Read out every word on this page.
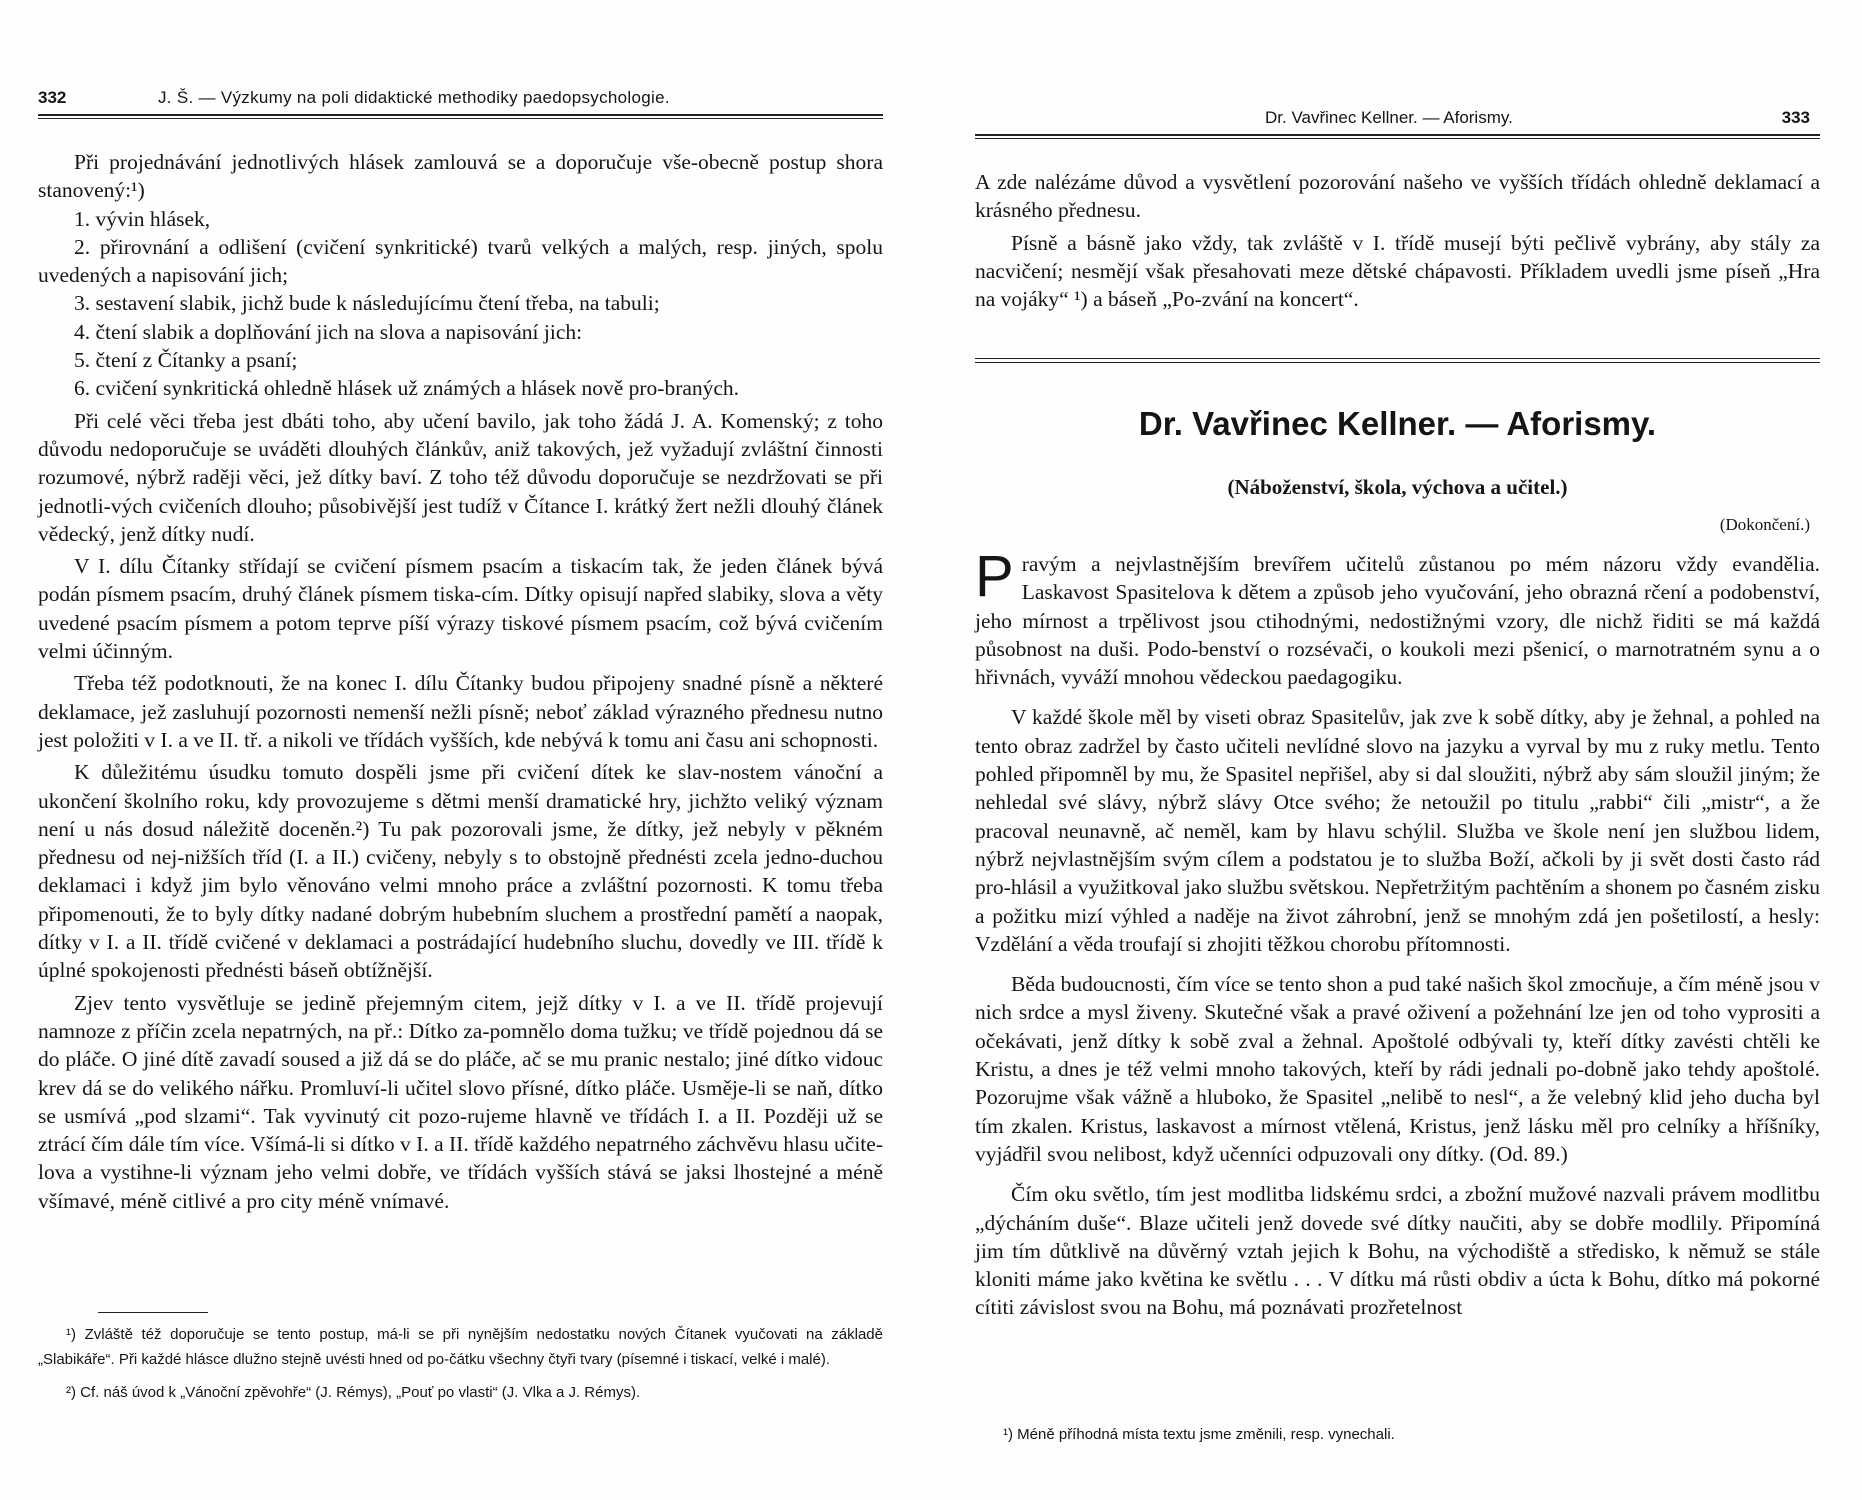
332	J. Š. — Výzkumy na poli didaktické methodiky paedopsychologie.

Při projednávání jednotlivých hlásek zamlouvá se a doporučuje vše-obecně postup shora stanovený:¹)

1. vývin hlásek,

2. přirovnání a odlišení (cvičení synkritické) tvarů velkých a malých, resp. jiných, spolu uvedených a napisování jich;

3. sestavení slabik, jichž bude k následujícímu čtení třeba, na tabuli;

4. čtení slabik a doplňování jich na slova a napisování jich:

5. čtení z Čítanky a psaní;

6. cvičení synkritická ohledně hlásek už známých a hlásek nově pro-braných.

Při celé věci třeba jest dbáti toho, aby učení bavilo, jak toho žádá J. A. Komenský; z toho důvodu nedoporučuje se uváděti dlouhých článkův, aniž takových, jež vyžadují zvláštní činnosti rozumové, nýbrž raději věci, jež dítky baví. Z toho též důvodu doporučuje se nezdržovati se při jednotli-vých cvičeních dlouho; působivější jest tudíž v Čítance I. krátký žert nežli dlouhý článek vědecký, jenž dítky nudí.

V I. dílu Čítanky střídají se cvičení písmem psacím a tiskacím tak, že jeden článek bývá podán písmem psacím, druhý článek písmem tiska-cím. Dítky opisují napřed slabiky, slova a věty uvedené psacím písmem a potom teprve píší výrazy tiskové písmem psacím, což bývá cvičením velmi účinným.

Třeba též podotknouti, že na konec I. dílu Čítanky budou připojeny snadné písně a některé deklamace, jež zasluhují pozornosti nemenší nežli písně; neboť základ výrazného přednesu nutno jest položiti v I. a ve II. tř. a nikoli ve třídách vyšších, kde nebývá k tomu ani času ani schopnosti.

K důležitému úsudku tomuto dospěli jsme při cvičení dítek ke slav-nostem vánoční a ukončení školního roku, kdy provozujeme s dětmi menší dramatické hry, jichžto veliký význam není u nás dosud náležitě doceněn.²) Tu pak pozorovali jsme, že dítky, jež nebyly v pěkném přednesu od nej-nižších tříd (I. a II.) cvičeny, nebyly s to obstojně přednésti zcela jedno-duchou deklamaci i když jim bylo věnováno velmi mnoho práce a zvláštní pozornosti. K tomu třeba připomenouti, že to byly dítky nadané dobrým hubebním sluchem a prostřední pamětí a naopak, dítky v I. a II. třídě cvičené v deklamaci a postrádající hudebního sluchu, dovedly ve III. třídě k úplné spokojenosti přednésti báseň obtížnější.

Zjev tento vysvětluje se jedině přejemným citem, jejž dítky v I. a ve II. třídě projevují namnoze z příčin zcela nepatrných, na př.: Dítko za-pomnělo doma tužku; ve třídě pojednou dá se do pláče. O jiné dítě zavadí soused a již dá se do pláče, ač se mu pranic nestalo; jiné dítko vidouc krev dá se do velikého nářku. Promluví-li učitel slovo přísné, dítko pláče. Usměje-li se naň, dítko se usmívá „pod slzami“. Tak vyvinutý cit pozo-rujeme hlavně ve třídách I. a II. Později už se ztrácí čím dále tím více. Všímá-li si dítko v I. a II. třídě každého nepatrného záchvěvu hlasu učite-lova a vystihne-li význam jeho velmi dobře, ve třídách vyšších stává se jaksi lhostejné a méně všímavé, méně citlivé a pro city méně vnímavé.

¹) Zvláště též doporučuje se tento postup, má-li se při nynějším nedostatku nových Čítanek vyučovati na základě „Slabikáře“. Při každé hlásce dlužno stejně uvésti hned od po-čátku všechny čtyři tvary (písemné i tiskací, velké i malé).

²) Cf. náš úvod k „Vánoční zpěvohře“ (J. Rémys), „Pouť po vlasti“ (J. Vlka a J. Rémys).

Dr. Vavřinec Kellner. — Aforismy.	333

A zde nalézáme důvod a vysvětlení pozorování našeho ve vyšších třídách ohledně deklamací a krásného přednesu.

Písně a básně jako vždy, tak zvláště v I. třídě musejí býti pečlivě vybrány, aby stály za nacvičení; nesmějí však přesahovati meze dětské chápavosti. Příkladem uvedli jsme píseň „Hra na vojáky“ ¹) a báseň „Po-zvání na koncert“.

Dr. Vavřinec Kellner. — Aforismy.
(Náboženství, škola, výchova a učitel.)
(Dokončení.)

Pravým a nejvlastnějším brevířem učitelů zůstanou po mém názoru vždy evandělia. Laskavost Spasitelova k dětem a způsob jeho vyučování, jeho obrazná rčení a podobenství, jeho mírnost a trpělivost jsou ctihodnými, nedostižnými vzory, dle nichž řiditi se má každá působnost na duši. Podo-benství o rozsévači, o koukoli mezi pšenicí, o marnotratném synu a o hřivnách, vyváží mnohou vědeckou paedagogiku.

V každé škole měl by viseti obraz Spasitelův, jak zve k sobě dítky, aby je žehnal, a pohled na tento obraz zadržel by často učiteli nevlídné slovo na jazyku a vyrval by mu z ruky metlu. Tento pohled připomněl by mu, že Spasitel nepřišel, aby si dal sloužiti, nýbrž aby sám sloužil jiným; že nehledal své slávy, nýbrž slávy Otce svého; že netoužil po titulu „rabbi“ čili „mistr“, a že pracoval neunavně, ač neměl, kam by hlavu schýlil. Služba ve škole není jen službou lidem, nýbrž nejvlastnějším svým cílem a podstatou je to služba Boží, ačkoli by ji svět dosti často rád pro-hlásil a využitkoval jako službu světskou. Nepřetržitým pachtěním a shonem po časném zisku a požitku mizí výhled a naděje na život záhrobní, jenž se mnohým zdá jen pošetilostí, a hesly: Vzdělání a věda troufají si zhojiti těžkou chorobu přítomnosti.

Běda budoucnosti, čím více se tento shon a pud také našich škol zmocňuje, a čím méně jsou v nich srdce a mysl živeny. Skutečné však a pravé oživení a požehnání lze jen od toho vyprositi a očekávati, jenž dítky k sobě zval a žehnal. Apoštolé odbývali ty, kteří dítky zavésti chtěli ke Kristu, a dnes je též velmi mnoho takových, kteří by rádi jednali po-dobně jako tehdy apoštolé. Pozorujme však vážně a hluboko, že Spasitel „nelibě to nesl“, a že velebný klid jeho ducha byl tím zkalen. Kristus, laskavost a mírnost vtělená, Kristus, jenž lásku měl pro celníky a hříšníky, vyjádřil svou nelibost, když učenníci odpuzovali ony dítky. (Od. 89.)

Čím oku světlo, tím jest modlitba lidskému srdci, a zbožní mužové nazvali právem modlitbu „dýcháním duše“. Blaze učiteli jenž dovede své dítky naučiti, aby se dobře modlily. Připomíná jim tím důtklivě na důvěrný vztah jejich k Bohu, na východiště a středisko, k němuž se stále kloniti máme jako květina ke světlu . . . V dítku má růsti obdiv a úcta k Bohu, dítko má pokorné cítiti závislost svou na Bohu, má poznávati prozřetelnost

¹) Méně příhodná místa textu jsme změnili, resp. vynechali.
